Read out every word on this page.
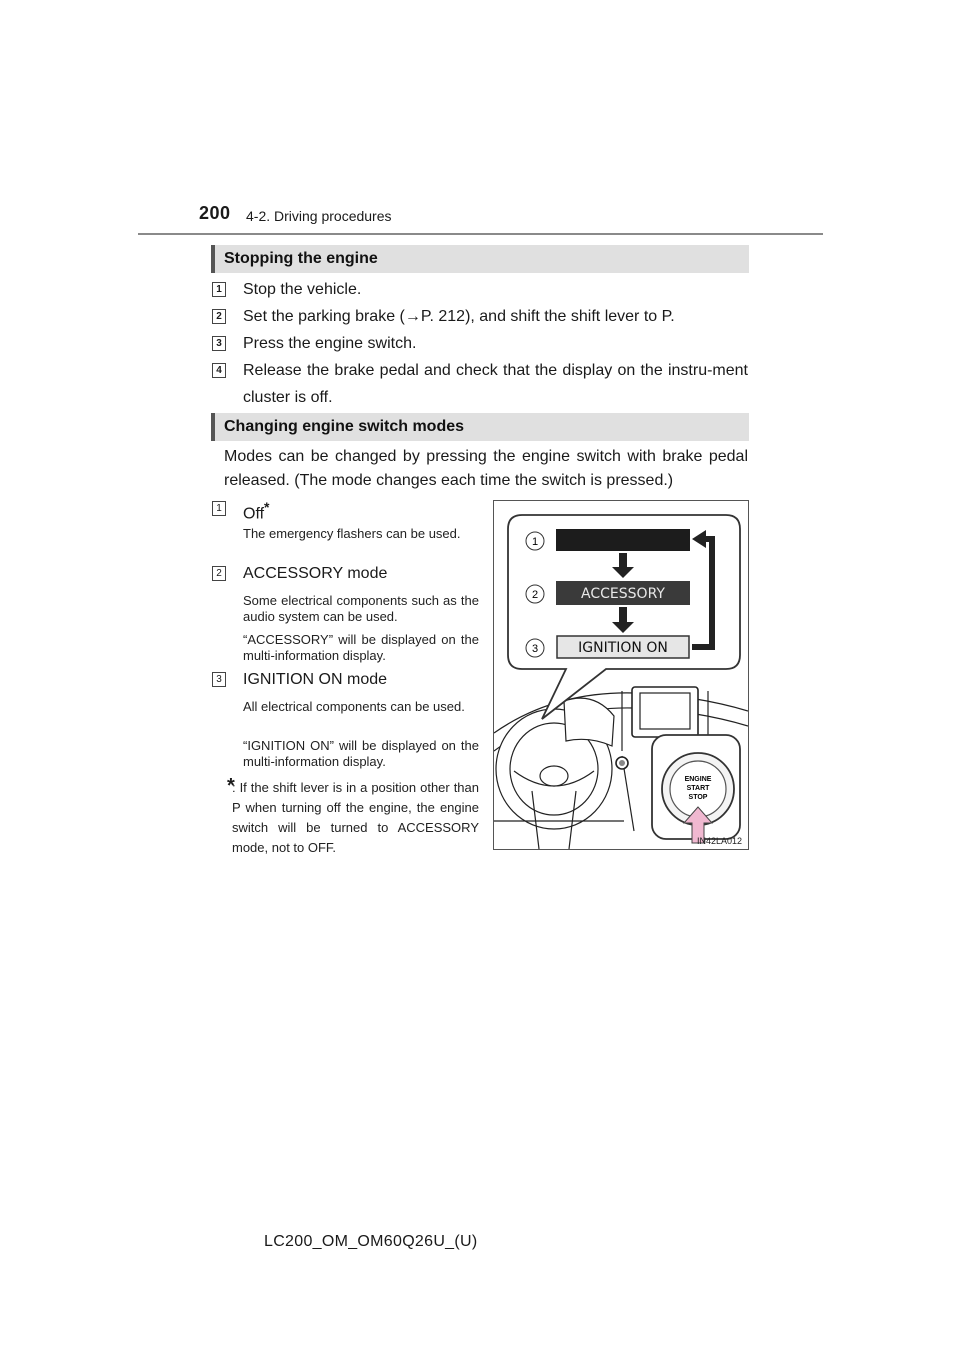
200 4-2. Driving procedures
Stopping the engine
1 Stop the vehicle.
2 Set the parking brake (→P. 212), and shift the shift lever to P.
3 Press the engine switch.
4 Release the brake pedal and check that the display on the instru-ment cluster is off.
Changing engine switch modes
Modes can be changed by pressing the engine switch with brake pedal released. (The mode changes each time the switch is pressed.)
1 Off*
The emergency flashers can be used.
2 ACCESSORY mode
Some electrical components such as the audio system can be used.
“ACCESSORY” will be displayed on the multi-information display.
3 IGNITION ON mode
All electrical components can be used.
“IGNITION ON” will be displayed on the multi-information display.
*
: If the shift lever is in a position other than P when turning off the engine, the engine switch will be turned to ACCESSORY mode, not to OFF.
1
2
3
ACCESSORY
IGNITION ON
ENGINE
START
STOP
IN42LA012
LC200_OM_OM60Q26U_(U)
